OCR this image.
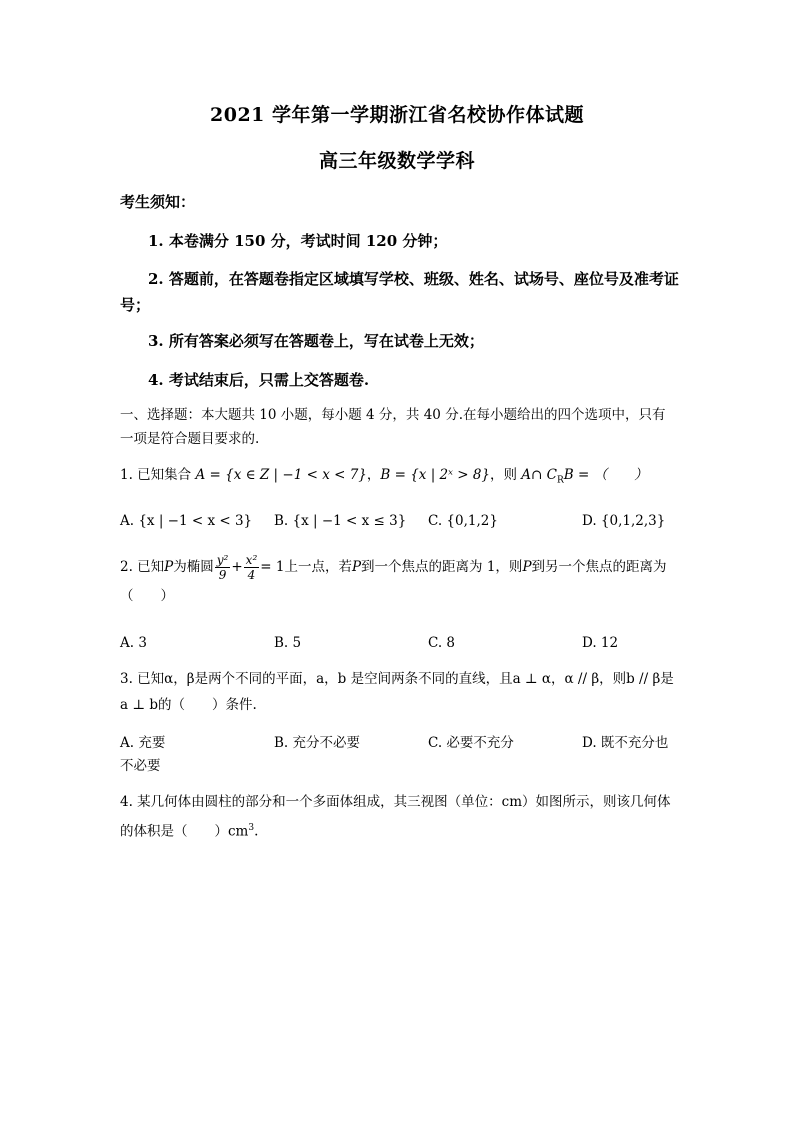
2021 学年第一学期浙江省名校协作体试题
高三年级数学学科
考生须知：
1. 本卷满分 150 分，考试时间 120 分钟；
2. 答题前，在答题卷指定区域填写学校、班级、姓名、试场号、座位号及准考证号；
3. 所有答案必须写在答题卷上，写在试卷上无效；
4. 考试结束后，只需上交答题卷.
一、选择题：本大题共 10 小题，每小题 4 分，共 40 分.在每小题给出的四个选项中，只有一项是符合题目要求的.
1. 已知集合 A = {x ∈ Z | −1 < x < 7}，B = {x | 2ˣ > 8}，则 A∩ $C_RB$ = （　　）
A. {x | −1 < x < 3} B. {x | −1 < x ≤ 3} C. {0,1,2}	D. {0,1,2,3}
2. 已知P为椭圆 $\frac{\text{y²}}{9} + \frac{\text{x²}}{4} = 1$上一点，若P到一个焦点的距离为 1，则P到另一个焦点的距离为（　　）
A. 3	B. 5	C. 8	D. 12
3. 已知α，β是两个不同的平面，a，b 是空间两条不同的直线，且a ⊥ α，α // β，则b // β是a ⊥ b的（　　）条件.
A. 充要	B. 充分不必要	C. 必要不充分	D. 既不充分也
不必要
4. 某几何体由圆柱的部分和一个多面体组成，其三视图（单位：cm）如图所示，则该几何体的体积是（　　）$cm^3$.
